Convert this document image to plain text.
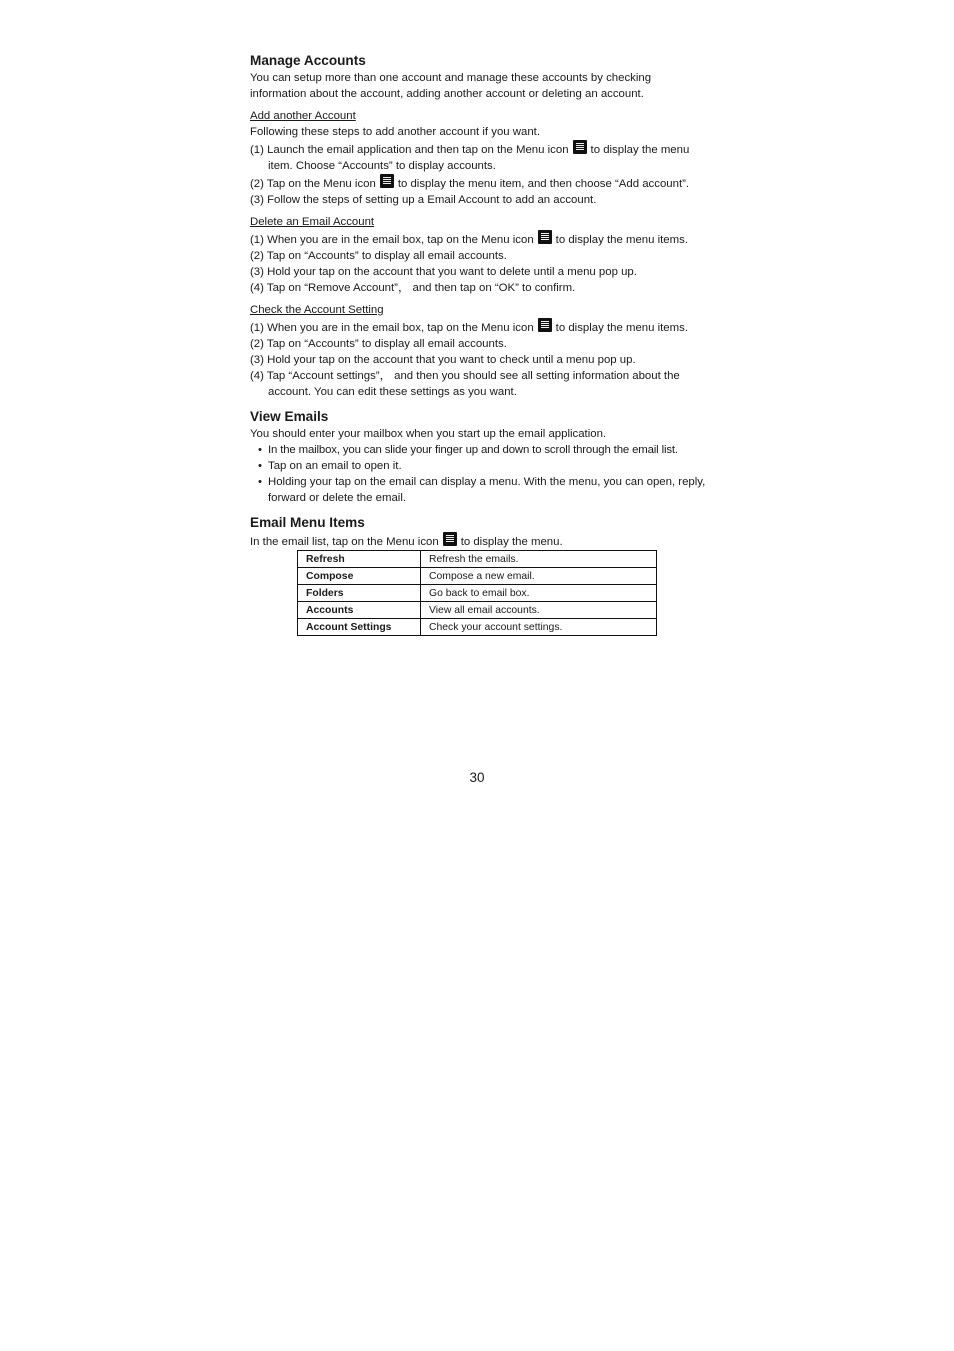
Manage Accounts

You can setup more than one account and manage these accounts by checking information about the account, adding another account or deleting an account.

Add another Account

Following these steps to add another account if you want.

(1) Launch the email application and then tap on the Menu icon to display the menu item. Choose “Accounts” to display accounts.

(2) Tap on the Menu icon to display the menu item, and then choose “Add account”.

(3) Follow the steps of setting up a Email Account to add an account.

Delete an Email Account

(1) When you are in the email box, tap on the Menu icon to display the menu items.

(2) Tap on “Accounts” to display all email accounts.

(3) Hold your tap on the account that you want to delete until a menu pop up.

(4) Tap on “Remove Account”， and then tap on “OK” to confirm.

Check the Account Setting

(1) When you are in the email box, tap on the Menu icon to display the menu items.

(2) Tap on “Accounts” to display all email accounts.

(3) Hold your tap on the account that you want to check until a menu pop up.

(4) Tap “Account settings”， and then you should see all setting information about the account. You can edit these settings as you want.

View Emails

You should enter your mailbox when you start up the email application.

• In the mailbox, you can slide your finger up and down to scroll through the email list.

• Tap on an email to open it.

• Holding your tap on the email can display a menu. With the menu, you can open, reply, forward or delete the email.

Email Menu Items

In the email list, tap on the Menu icon to display the menu.

Refresh	Refresh the emails.
Compose	Compose a new email.
Folders	Go back to email box.
Accounts	View all email accounts.
Account Settings	Check your account settings.
30
